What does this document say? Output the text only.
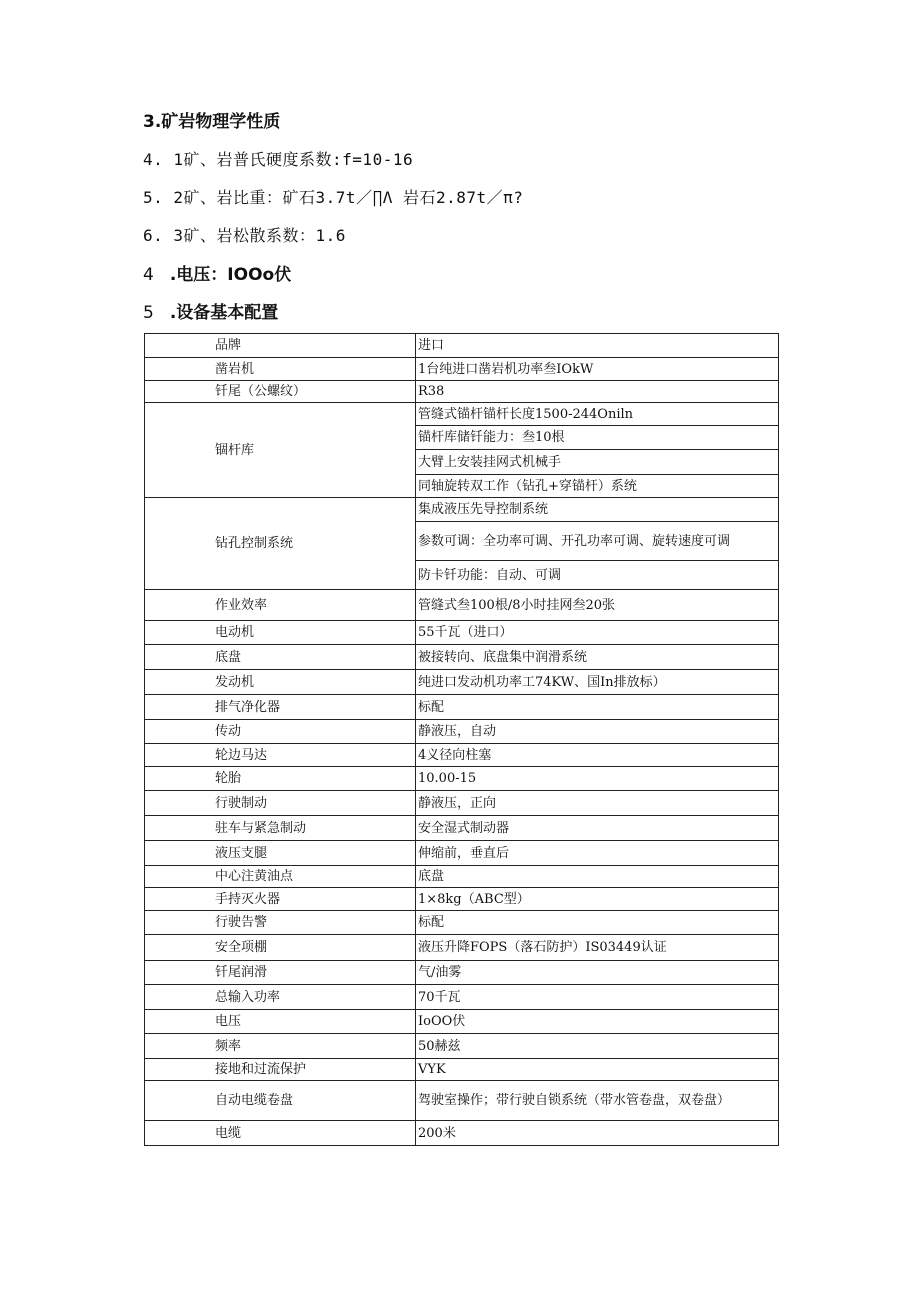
3.矿岩物理学性质
4. 1矿、岩普氏硬度系数:f=10-16
5. 2矿、岩比重：矿石3.7t／∏Λ 岩石2.87t／π?
6. 3矿、岩松散系数：1.6
4 .电压：IOOo伏
5 .设备基本配置
品牌	进口
凿岩机	1台纯进口凿岩机功率叁IOkW
钎尾（公螺纹）	R38
锢杆库	管缝式锚杆锚杆长度1500-244Oniln
	锚杆库储钎能力：叁10根
	大臂上安装挂网式机械手
	同轴旋转双工作（钻孔+穿锚杆）系统
钻孔控制系统	集成液压先导控制系统
	参数可调：全功率可调、开孔功率可调、旋转速度可调
	防卡钎功能：自动、可调
作业效率	管缝式叁100根/8小时挂网叁20张
电动机	55千瓦（进口）
底盘	被接转向、底盘集中润滑系统
发动机	纯进口发动机功率工74KW、国In排放标）
排气净化器	标配
传动	静液压，自动
轮边马达	4义径向柱塞
轮胎	10.00-15
行驶制动	静液压，正向
驻车与紧急制动	安全湿式制动器
液压支腿	伸缩前，垂直后
中心注黄油点	底盘
手持灭火器	1×8kg（ABC型）
行驶告警	标配
安全项棚	液压升降FOPS（落石防护）IS03449认证
钎尾润滑	气/油雾
总输入功率	70千瓦
电压	IoOO伏
频率	50赫兹
接地和过流保护	VYK
自动电缆卷盘	驾驶室操作；带行驶自锁系统（带水管卷盘，双卷盘）
电缆	200米
